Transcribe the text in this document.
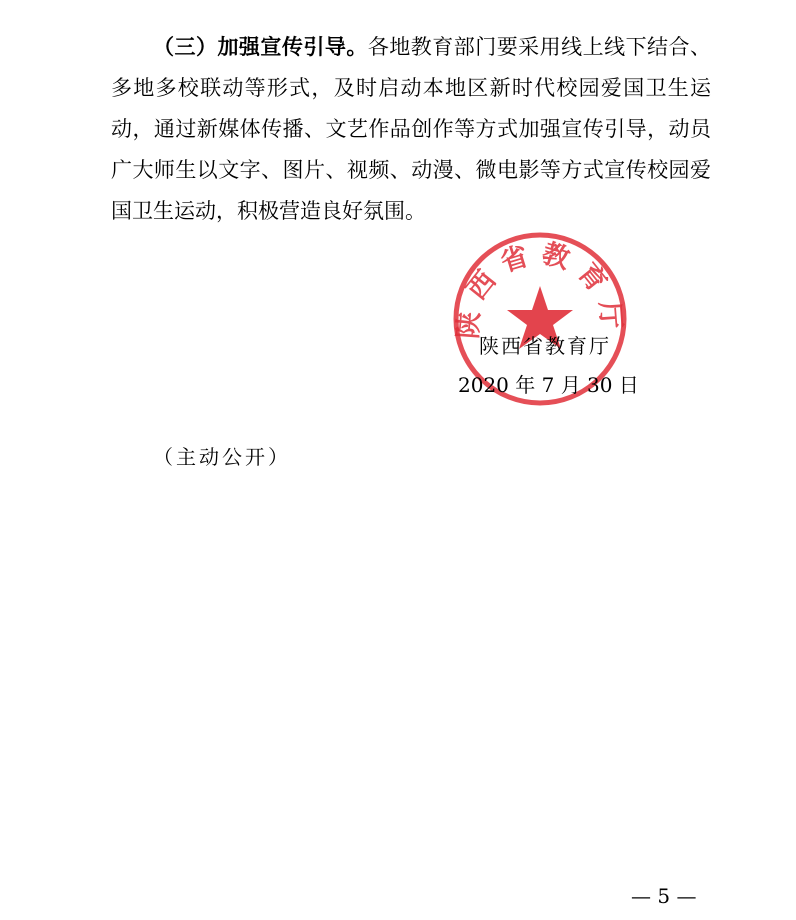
（三）加强宣传引导。各地教育部门要采用线上线下结合、
多地多校联动等形式，及时启动本地区新时代校园爱国卫生运
动，通过新媒体传播、文艺作品创作等方式加强宣传引导，动员
广大师生以文字、图片、视频、动漫、微电影等方式宣传校园爱
国卫生运动，积极营造良好氛围。
陕西省教育厅
陕西省教育厅
2020 年 7 月 30 日
（主动公开）
— 5 —
